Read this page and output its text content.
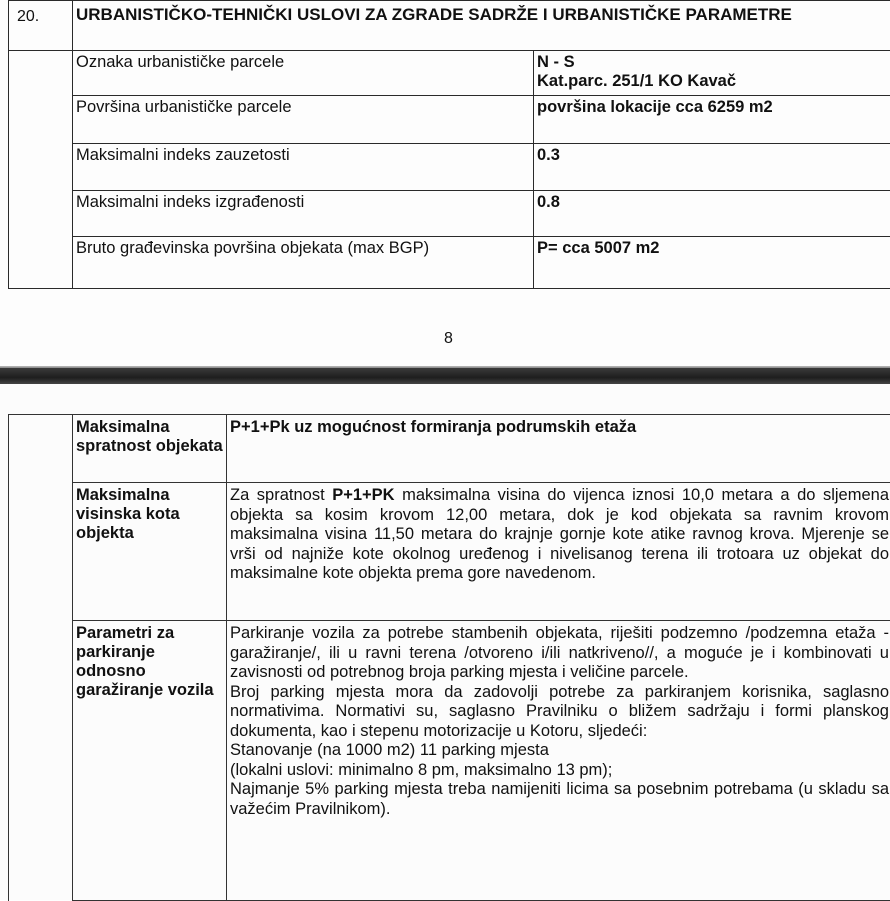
20.	URBANISTIČKO-TEHNIČKI USLOVI ZA ZGRADE SADRŽE I URBANISTIČKE PARAMETRE	
	Oznaka urbanističke parcele	N - S
Kat.parc. 251/1 KO Kavač

	Površina urbanističke parcele	površina lokacije cca 6259 m2
	Maksimalni indeks zauzetosti	0.3
	Maksimalni indeks izgrađenosti	0.8
	Bruto građevinska površina objekata (max BGP)	P= cca 5007 m2
8
	Maksimalna spratnost objekata	P+1+Pk uz mogućnost formiranja podrumskih etaža
	Maksimalna visinska kota objekta	Za spratnost P+1+PK maksimalna visina do vijenca iznosi 10,0 metara a do sljemena objekta sa kosim krovom 12,00 metara, dok je kod objekata sa ravnim krovom maksimalna visina 11,50 metara do krajnje gornje kote atike ravnog krova. Mjerenje se vrši od najniže kote okolnog uređenog i nivelisanog terena ili trotoara uz objekat do maksimalne kote objekta prema gore navedenom.
	Parametri za parkiranje odnosno garažiranje vozila	Parkiranje vozila za potrebe stambenih objekata, riješiti podzemno /podzemna etaža - garažiranje/, ili u ravni terena /otvoreno i/ili natkriveno//, a moguće je i kombinovati u zavisnosti od potrebnog broja parking mjesta i veličine parcele.
Broj parking mjesta mora da zadovolji potrebe za parkiranjem korisnika, saglasno normativima. Normativi su, saglasno Pravilniku o bližem sadržaju i formi planskog dokumenta, kao i stepenu motorizacije u Kotoru, sljedeći:
Stanovanje (na 1000 m2) 11 parking mjesta
(lokalni uslovi: minimalno 8 pm, maksimalno 13 pm);
Najmanje 5% parking mjesta treba namijeniti licima sa posebnim potrebama (u skladu sa važećim Pravilnikom).
